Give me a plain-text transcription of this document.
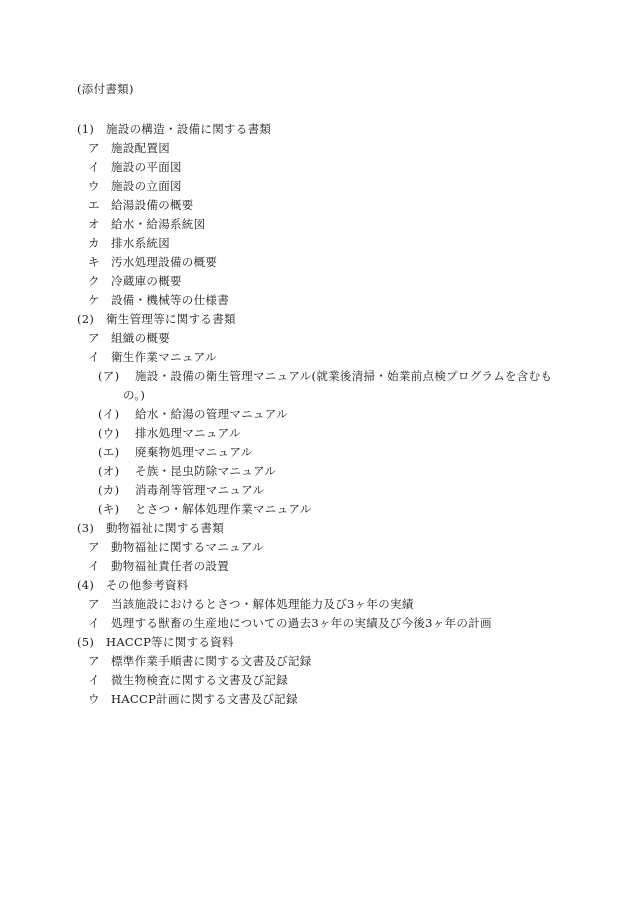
(添付書類)
(1) 施設の構造・設備に関する書類
ア 施設配置図
イ 施設の平面図
ウ 施設の立面図
エ 給湯設備の概要
オ 給水・給湯系統図
カ 排水系統図
キ 汚水処理設備の概要
ク 冷蔵庫の概要
ケ 設備・機械等の仕様書
(2) 衛生管理等に関する書類
ア 組織の概要
イ 衛生作業マニュアル
(ア) 施設・設備の衛生管理マニュアル(就業後清掃・始業前点検プログラムを含むも
の。)
(イ) 給水・給湯の管理マニュアル
(ウ) 排水処理マニュアル
(エ) 廃棄物処理マニュアル
(オ) そ族・昆虫防除マニュアル
(カ) 消毒剤等管理マニュアル
(キ) とさつ・解体処理作業マニュアル
(3) 動物福祉に関する書類
ア 動物福祉に関するマニュアル
イ 動物福祉責任者の設置
(4) その他参考資料
ア 当該施設におけるとさつ・解体処理能力及び3ヶ年の実績
イ 処理する獣畜の生産地についての過去3ヶ年の実績及び今後3ヶ年の計画
(5) HACCP等に関する資料
ア 標準作業手順書に関する文書及び記録
イ 微生物検査に関する文書及び記録
ウ HACCP計画に関する文書及び記録
